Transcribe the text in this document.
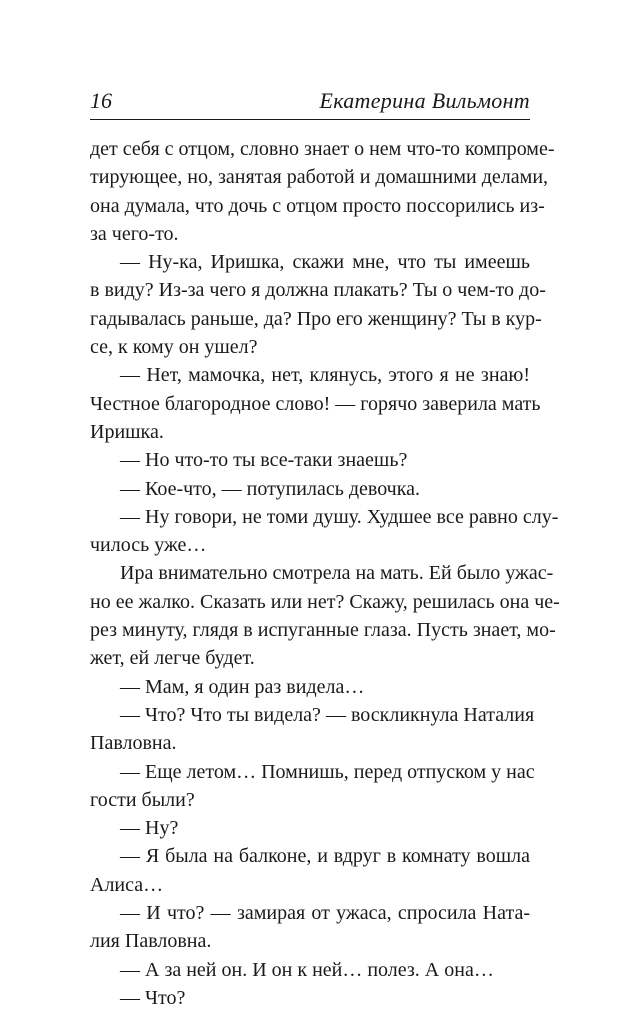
16	Екатерина Вильмонт
дет себя с отцом, словно знает о нем что-то компроме-
тирующее, но, занятая работой и домашними делами,
она думала, что дочь с отцом просто поссорились из-
за чего-то.
— Ну-ка, Иришка, скажи мне, что ты имеешь
в виду? Из-за чего я должна плакать? Ты о чем-то до-
гадывалась раньше, да? Про его женщину? Ты в кур-
се, к кому он ушел?
— Нет, мамочка, нет, клянусь, этого я не знаю!
Честное благородное слово! — горячо заверила мать
Иришка.
— Но что-то ты все-таки знаешь?
— Кое-что, — потупилась девочка.
— Ну говори, не томи душу. Худшее все равно слу-
чилось уже…
Ира внимательно смотрела на мать. Ей было ужас-
но ее жалко. Сказать или нет? Скажу, решилась она че-
рез минуту, глядя в испуганные глаза. Пусть знает, мо-
жет, ей легче будет.
— Мам, я один раз видела…
— Что? Что ты видела? — воскликнула Наталия
Павловна.
— Еще летом… Помнишь, перед отпуском у нас
гости были?
— Ну?
— Я была на балконе, и вдруг в комнату вошла
Алиса…
— И что? — замирая от ужаса, спросила Ната-
лия Павловна.
— А за ней он. И он к ней… полез. А она…
— Что?
